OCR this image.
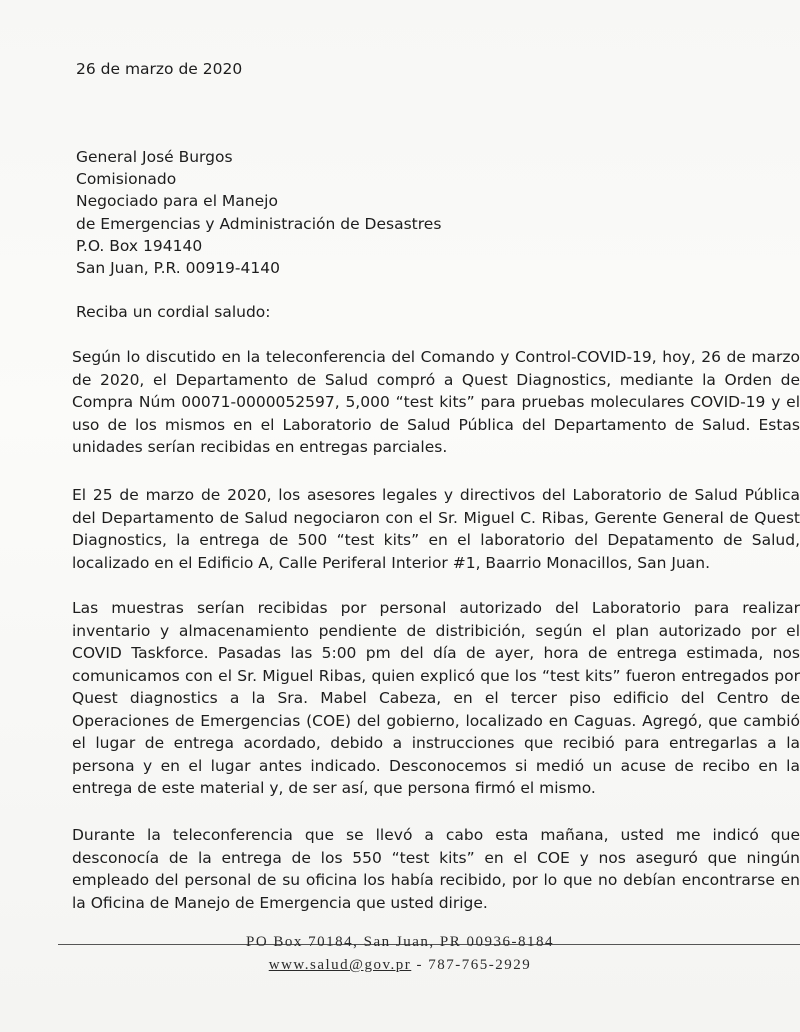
26 de marzo de 2020
General José Burgos
Comisionado
Negociado para el Manejo
de Emergencias y Administración de Desastres
P.O. Box 194140
San Juan, P.R. 00919-4140
Reciba un cordial saludo:

Según lo discutido en la teleconferencia del Comando y Control-COVID-19, hoy, 26 de marzo de 2020, el Departamento de Salud compró a Quest Diagnostics, mediante la Orden de Compra Núm 00071-0000052597, 5,000 “test kits” para pruebas moleculares COVID-19 y el uso de los mismos en el Laboratorio de Salud Pública del Departamento de Salud. Estas unidades serían recibidas en entregas parciales.

El 25 de marzo de 2020, los asesores legales y directivos del Laboratorio de Salud Pública del Departamento de Salud negociaron con el Sr. Miguel C. Ribas, Gerente General de Quest Diagnostics, la entrega de 500 “test kits” en el laboratorio del Depatamento de Salud, localizado en el Edificio A, Calle Periferal Interior #1, Baarrio Monacillos, San Juan.

Las muestras serían recibidas por personal autorizado del Laboratorio para realizar inventario y almacenamiento pendiente de distribición, según el plan autorizado por el COVID Taskforce. Pasadas las 5:00 pm del día de ayer, hora de entrega estimada, nos comunicamos con el Sr. Miguel Ribas, quien explicó que los “test kits” fueron entregados por Quest diagnostics a la Sra. Mabel Cabeza, en el tercer piso edificio del Centro de Operaciones de Emergencias (COE) del gobierno, localizado en Caguas. Agregó, que cambió el lugar de entrega acordado, debido a instrucciones que recibió para entregarlas a la persona y en el lugar antes indicado. Desconocemos si medió un acuse de recibo en la entrega de este material y, de ser así, que persona firmó el mismo.

Durante la teleconferencia que se llevó a cabo esta mañana, usted me indicó que desconocía de la entrega de los 550 “test kits” en el COE y nos aseguró que ningún empleado del personal de su oficina los había recibido, por lo que no debían encontrarse en la Oficina de Manejo de Emergencia que usted dirige.

PO Box 70184, San Juan, PR 00936-8184
www.salud@gov.pr - 787-765-2929
